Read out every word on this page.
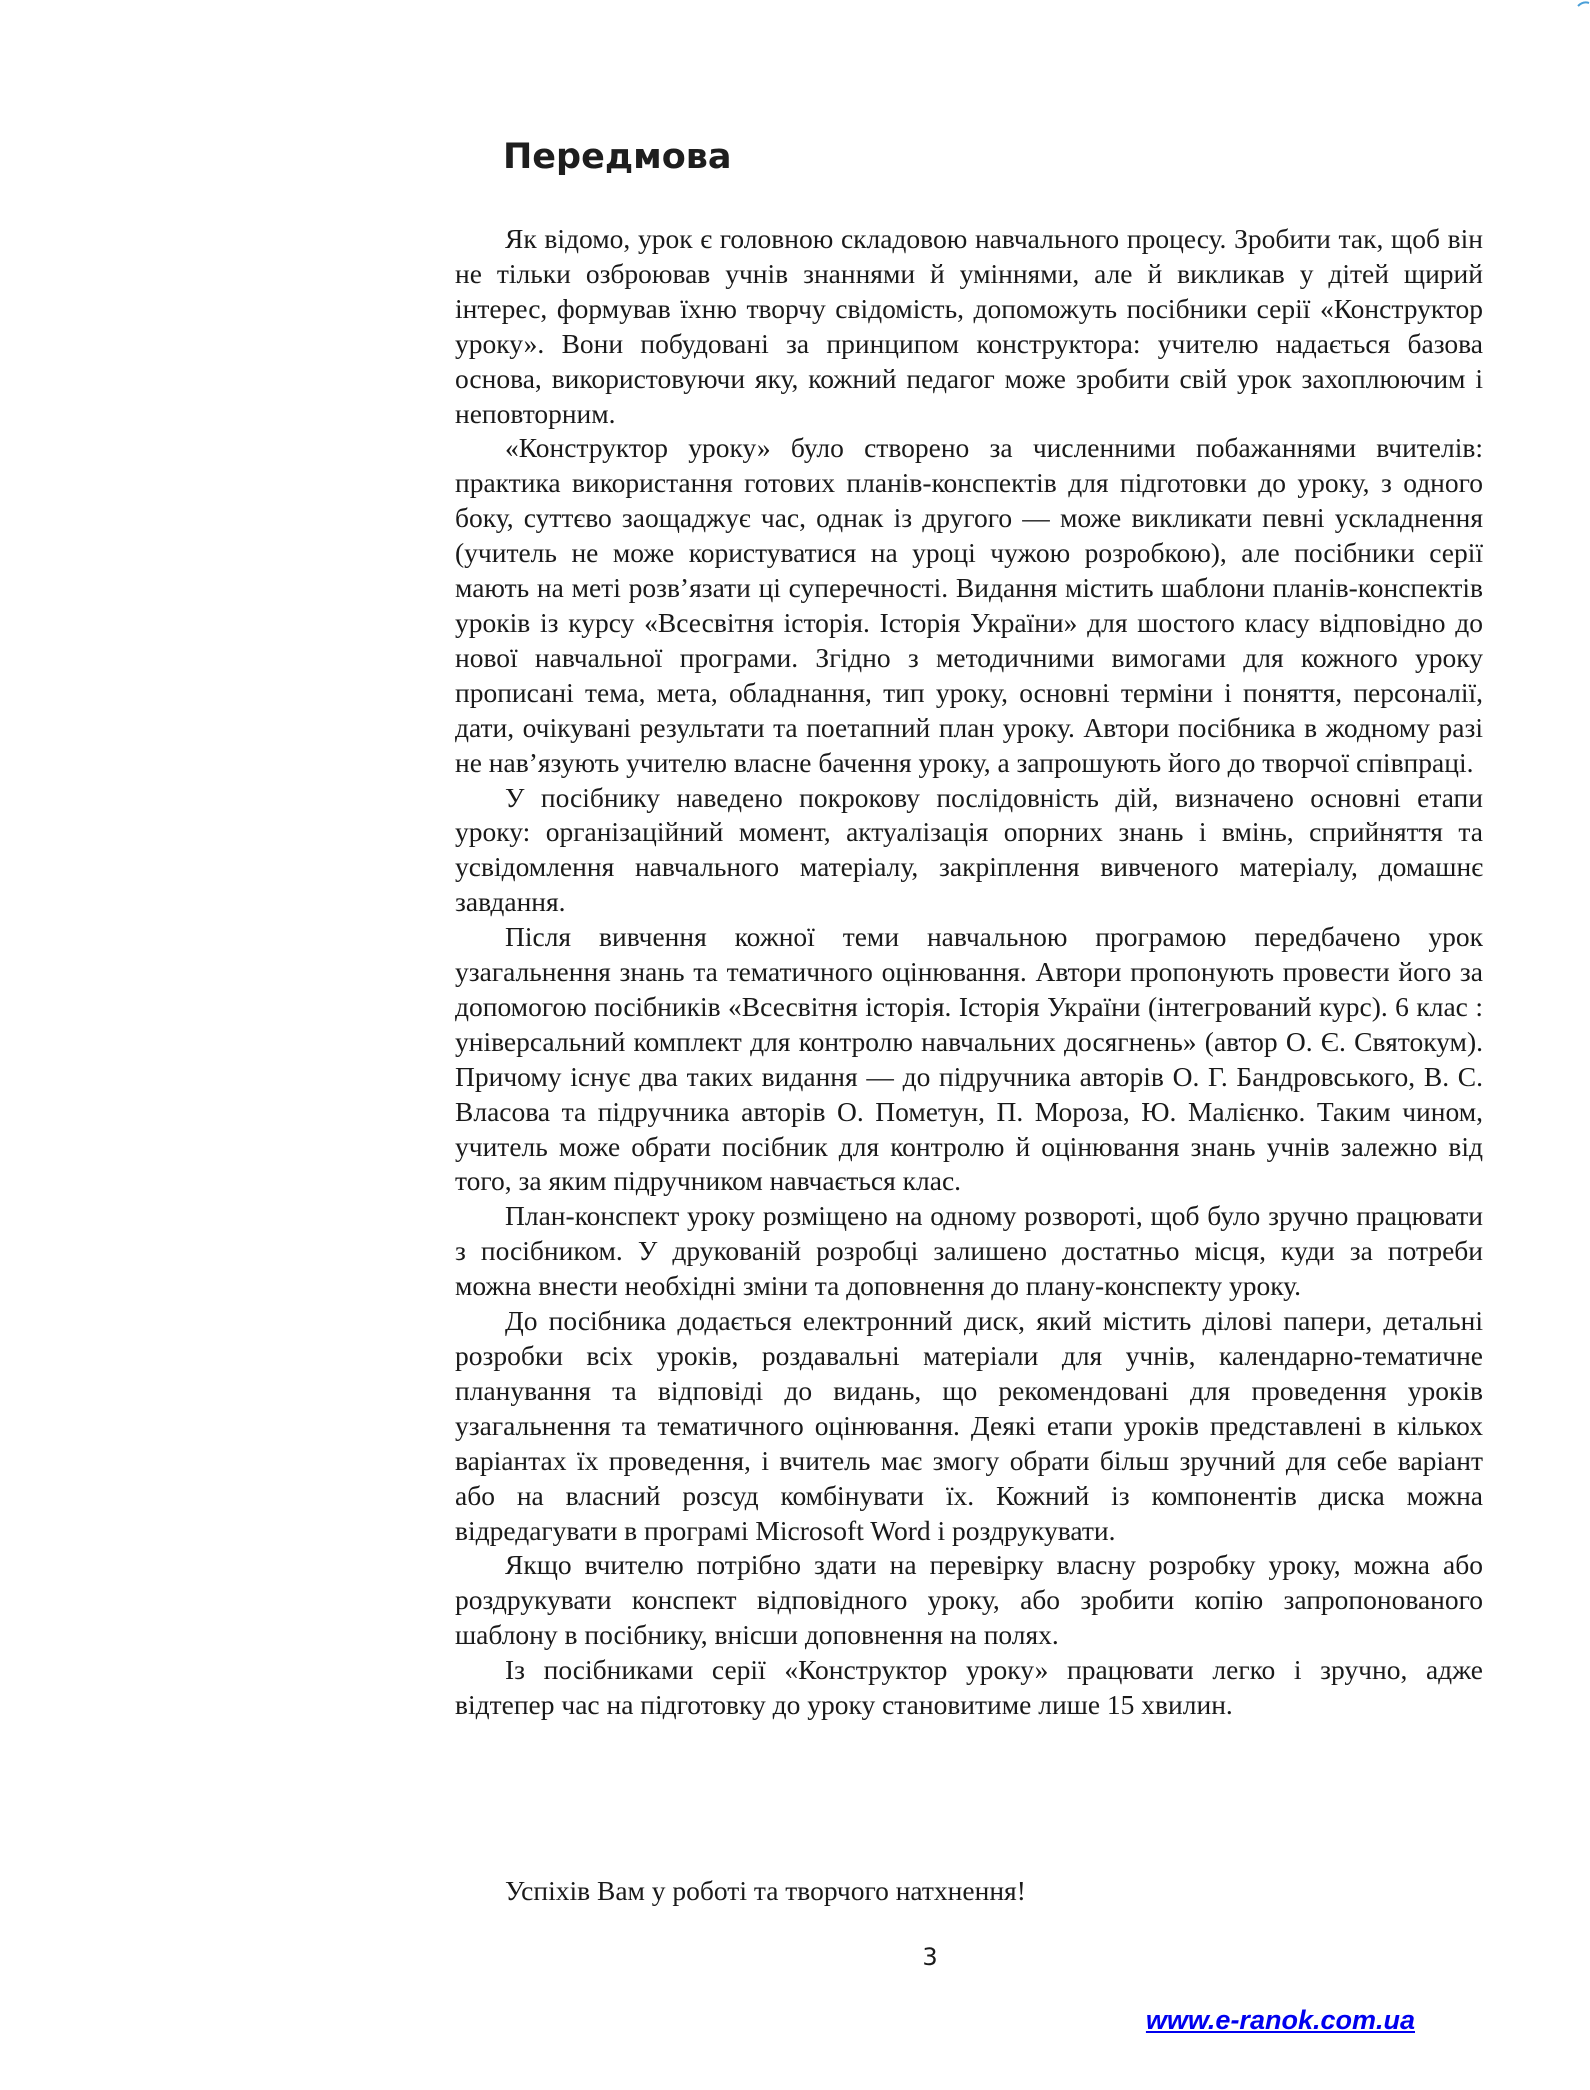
Передмова

Як відомо, урок є головною складовою навчального процесу. Зробити так, щоб він не тільки озброював учнів знаннями й уміннями, але й викликав у дітей щирий інтерес, формував їхню творчу свідомість, допоможуть посібники серії «Конструктор уроку». Вони побудовані за принципом конструктора: учителю надається базова основа, використовуючи яку, кожний педагог може зробити свій урок захоплюючим і неповторним.

«Конструктор уроку» було створено за численними побажаннями вчителів: практика використання готових планів-конспектів для підготовки до уроку, з одного боку, суттєво заощаджує час, однак із другого — може викликати певні ускладнення (учитель не може користуватися на уроці чужою розробкою), але посібники серії мають на меті розв’язати ці суперечності. Видання містить шаблони планів-конспектів уроків із курсу «Всесвітня історія. Історія України» для шостого класу відповідно до нової навчальної програми. Згідно з методичними вимогами для кожного уроку прописані тема, мета, обладнання, тип уроку, основні терміни і поняття, персоналії, дати, очікувані результати та поетапний план уроку. Автори посібника в жодному разі не нав’язують учителю власне бачення уроку, а запрошують його до творчої співпраці.

У посібнику наведено покрокову послідовність дій, визначено основні етапи уроку: організаційний момент, актуалізація опорних знань і вмінь, сприйняття та усвідомлення навчального матеріалу, закріплення вивченого матеріалу, домашнє завдання.

Після вивчення кожної теми навчальною програмою передбачено урок узагальнення знань та тематичного оцінювання. Автори пропонують провести його за допомогою посібників «Всесвітня історія. Історія України (інтегрований курс). 6 клас : універсальний комплект для контролю навчальних досягнень» (автор О. Є. Святокум). Причому існує два таких видання — до підручника авторів О. Г. Бандровського, В. С. Власова та підручника авторів О. Пометун, П. Мороза, Ю. Малієнко. Таким чином, учитель може обрати посібник для контролю й оцінювання знань учнів залежно від того, за яким підручником навчається клас.

План-конспект уроку розміщено на одному розвороті, щоб було зручно працювати з посібником. У друкованій розробці залишено достатньо місця, куди за потреби можна внести необхідні зміни та доповнення до плану-конспекту уроку.

До посібника додається електронний диск, який містить ділові папери, детальні розробки всіх уроків, роздавальні матеріали для учнів, календарно-тематичне планування та відповіді до видань, що рекомендовані для проведення уроків узагальнення та тематичного оцінювання. Деякі етапи уроків представлені в кількох варіантах їх проведення, і вчитель має змогу обрати більш зручний для себе варіант або на власний розсуд комбінувати їх. Кожний із компонентів диска можна відредагувати в програмі Microsoft Word і роздрукувати.

Якщо вчителю потрібно здати на перевірку власну розробку уроку, можна або роздрукувати конспект відповідного уроку, або зробити копію запропонованого шаблону в посібнику, внісши доповнення на полях.

Із посібниками серії «Конструктор уроку» працювати легко і зручно, адже відтепер час на підготовку до уроку становитиме лише 15 хвилин.

Успіхів Вам у роботі та творчого натхнення!

3
www.e-ranok.com.ua
